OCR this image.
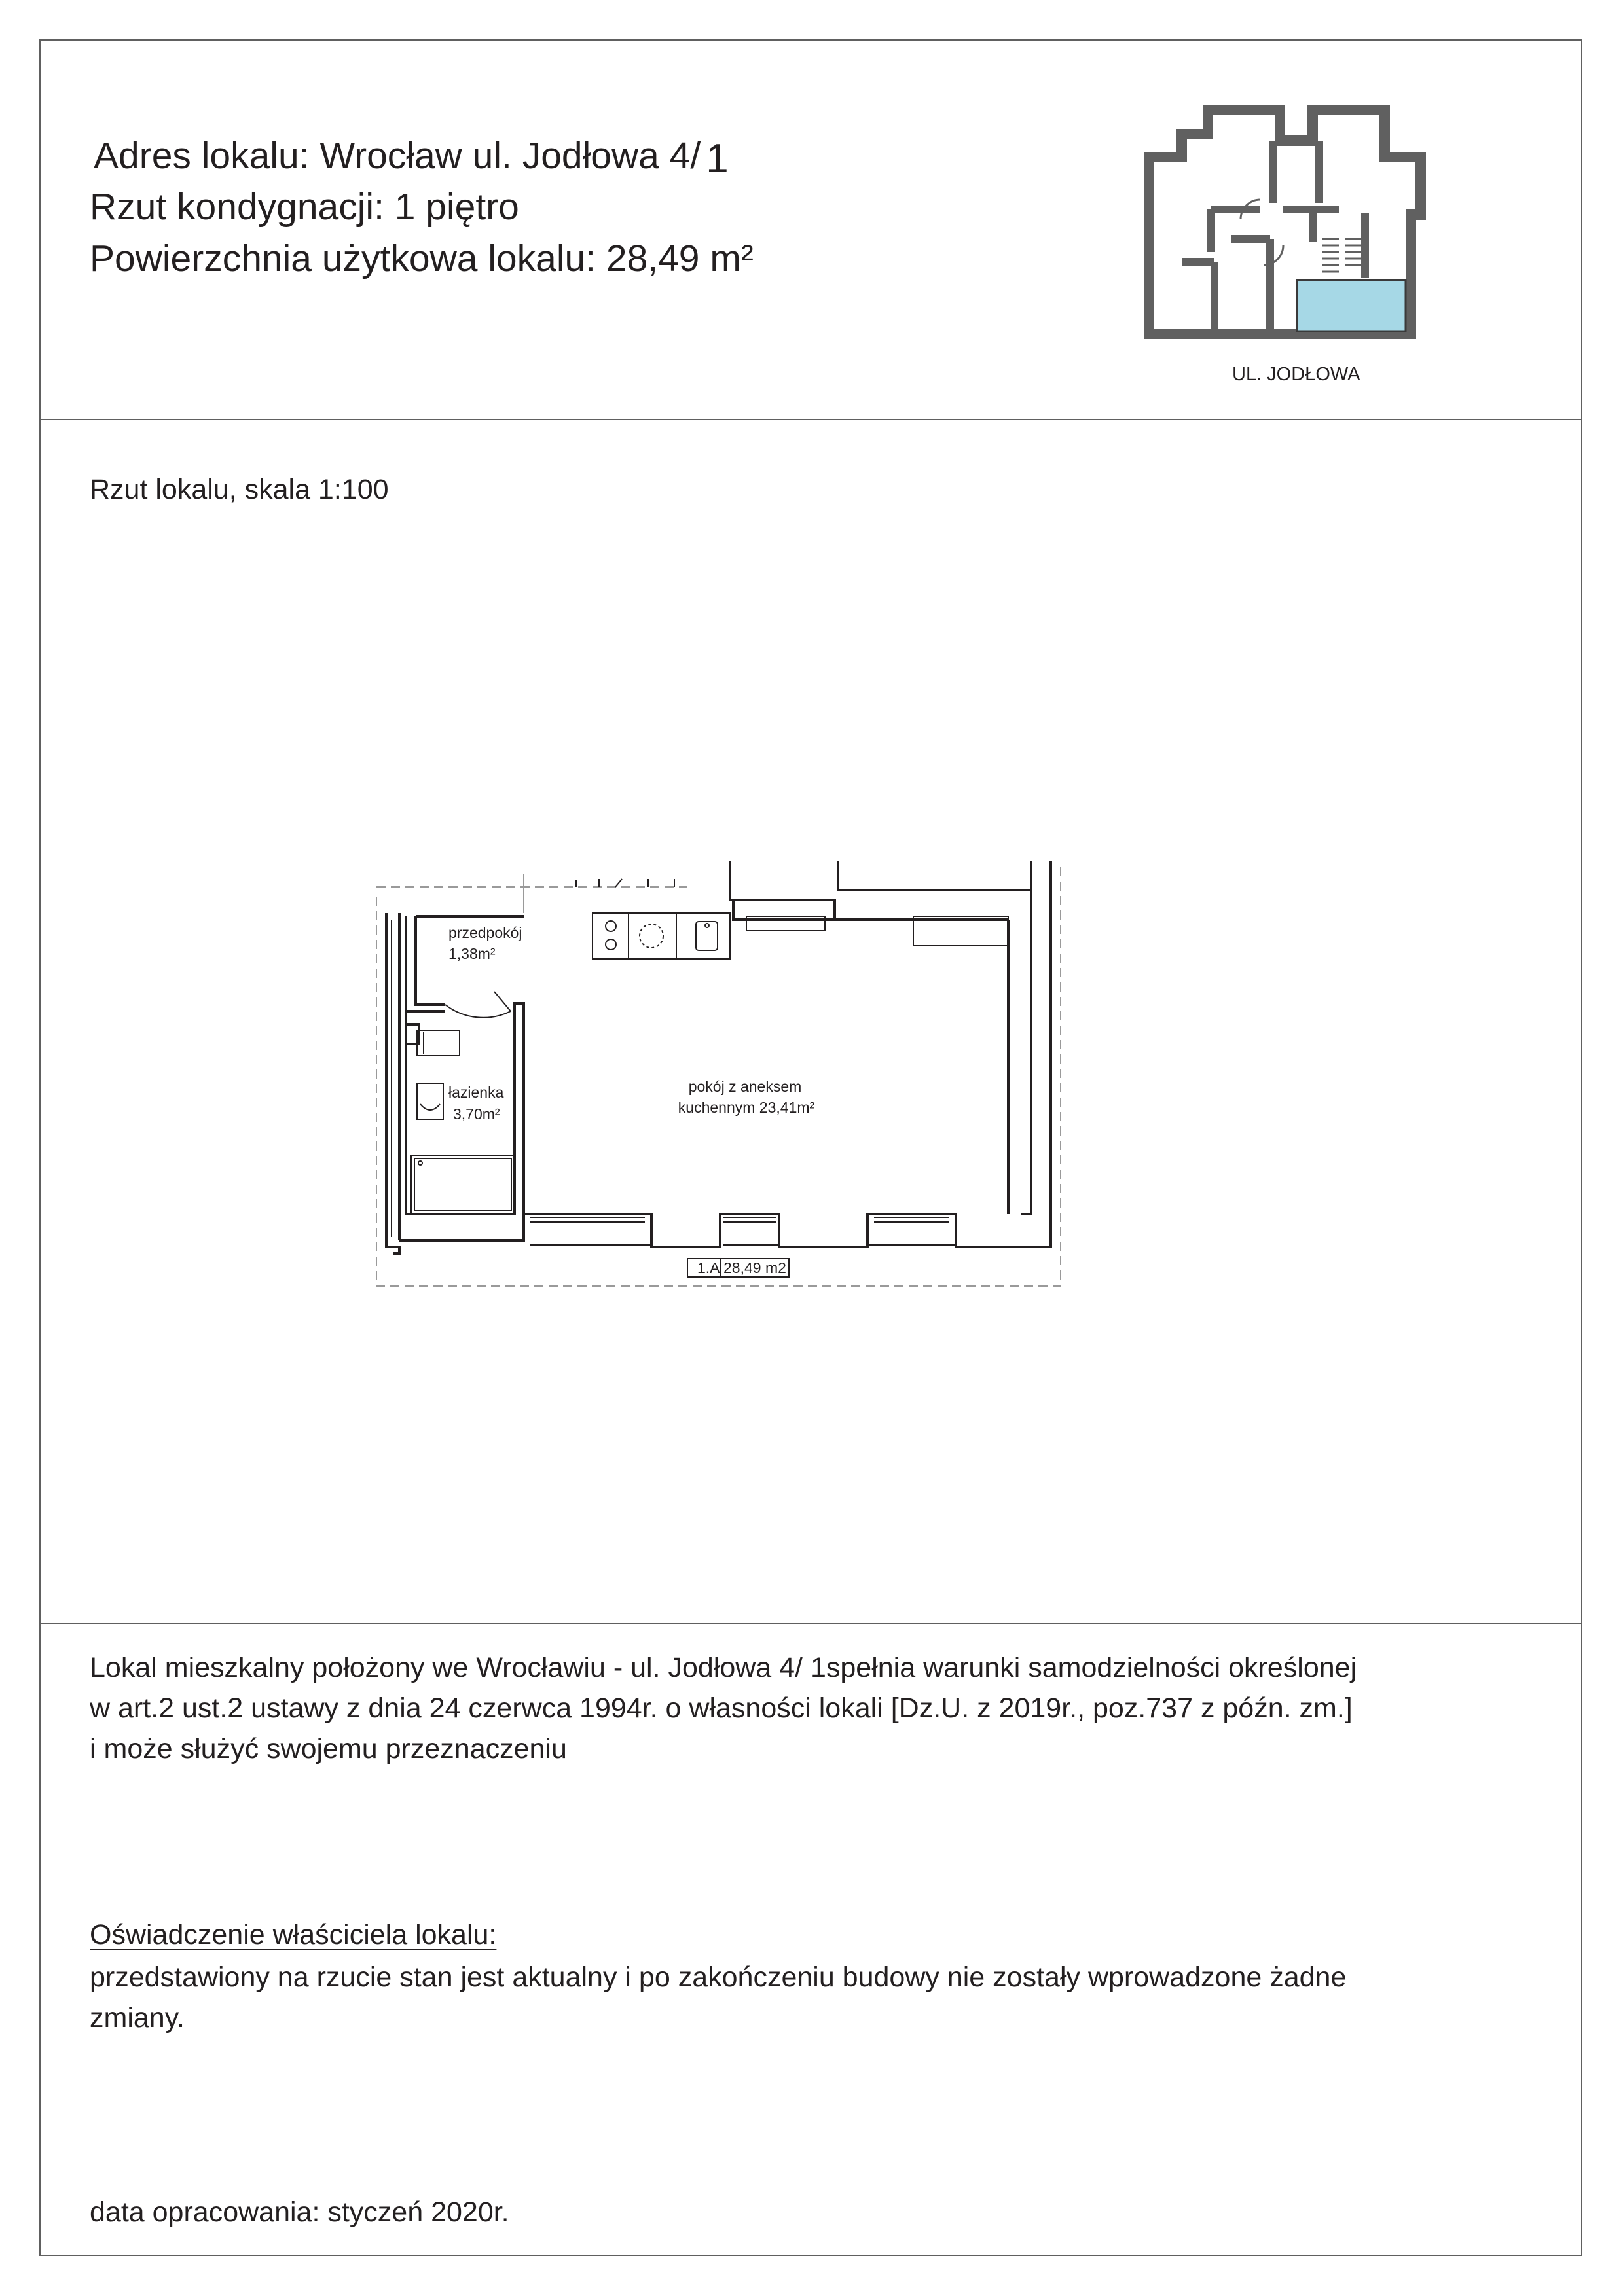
Adres lokalu: Wrocław ul. Jodłowa 4/ 1
Rzut kondygnacji: 1 piętro
Powierzchnia użytkowa lokalu: 28,49 m²
UL. JODŁOWA
Rzut lokalu, skala 1:100
przedpokój
1,38m²
łazienka
3,70m²
pokój z aneksem
kuchennym 23,41m²
1.A 28,49 m2
Lokal mieszkalny położony we Wrocławiu - ul. Jodłowa 4/ 1spełnia warunki samodzielności określonej
w art.2 ust.2 ustawy z dnia 24 czerwca 1994r. o własności lokali [Dz.U. z 2019r., poz.737 z późn. zm.]
i może służyć swojemu przeznaczeniu
Oświadczenie właściciela lokalu:
przedstawiony na rzucie stan jest aktualny i po zakończeniu budowy nie zostały wprowadzone żadne
zmiany.
data opracowania: styczeń 2020r.
